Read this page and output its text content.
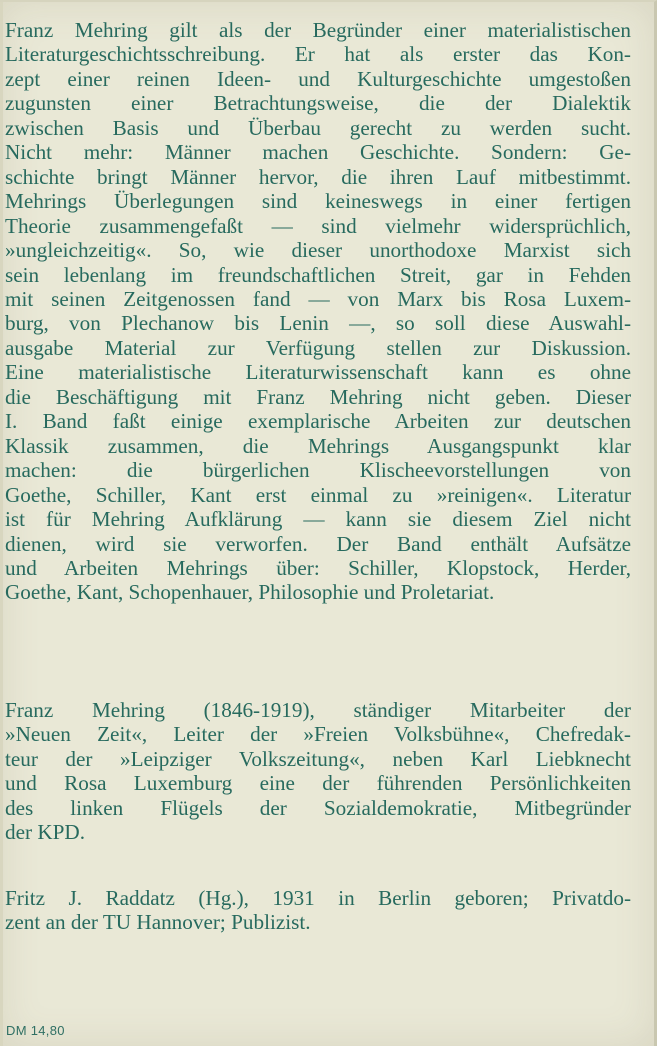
Franz Mehring gilt als der Begründer einer materialistischen
Literaturgeschichtsschreibung. Er hat als erster das Kon-
zept einer reinen Ideen- und Kulturgeschichte umgestoßen
zugunsten einer Betrachtungsweise, die der Dialektik
zwischen Basis und Überbau gerecht zu werden sucht.
Nicht mehr: Männer machen Geschichte. Sondern: Ge-
schichte bringt Männer hervor, die ihren Lauf mitbestimmt.
Mehrings Überlegungen sind keineswegs in einer fertigen
Theorie zusammengefaßt — sind vielmehr widersprüchlich,
»ungleichzeitig«. So, wie dieser unorthodoxe Marxist sich
sein lebenlang im freundschaftlichen Streit, gar in Fehden
mit seinen Zeitgenossen fand — von Marx bis Rosa Luxem-
burg, von Plechanow bis Lenin —, so soll diese Auswahl-
ausgabe Material zur Verfügung stellen zur Diskussion.
Eine materialistische Literaturwissenschaft kann es ohne
die Beschäftigung mit Franz Mehring nicht geben. Dieser
I. Band faßt einige exemplarische Arbeiten zur deutschen
Klassik zusammen, die Mehrings Ausgangspunkt klar
machen: die bürgerlichen Klischeevorstellungen von
Goethe, Schiller, Kant erst einmal zu »reinigen«. Literatur
ist für Mehring Aufklärung — kann sie diesem Ziel nicht
dienen, wird sie verworfen. Der Band enthält Aufsätze
und Arbeiten Mehrings über: Schiller, Klopstock, Herder,
Goethe, Kant, Schopenhauer, Philosophie und Proletariat.

Franz Mehring (1846-1919), ständiger Mitarbeiter der
»Neuen Zeit«, Leiter der »Freien Volksbühne«, Chefredak-
teur der »Leipziger Volkszeitung«, neben Karl Liebknecht
und Rosa Luxemburg eine der führenden Persönlichkeiten
des linken Flügels der Sozialdemokratie, Mitbegründer
der KPD.

Fritz J. Raddatz (Hg.), 1931 in Berlin geboren; Privatdo-
zent an der TU Hannover; Publizist.

DM 14,80
